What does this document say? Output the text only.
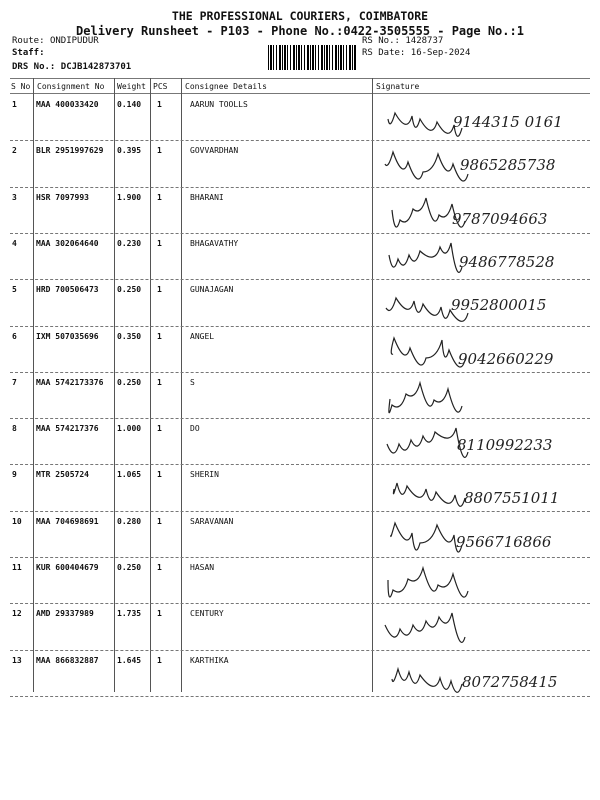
THE PROFESSIONAL COURIERS, COIMBATORE
Delivery Runsheet - P103 - Phone No.:0422-3505555 - Page No.:1
Route: ONDIPUDUR
Staff:
DRS No.: DCJB142873701
RS No.: 1428737
RS Date: 16-Sep-2024
S No Consignment No Weight PCS Consignee Details	Signature
1 MAA 400033420 0.140 1	AARUN TOOLLS
9144315 0161
2 BLR 2951997629 0.395 1	GOVVARDHAN
9865285738
3 HSR 7097993	1.900 1	BHARANI
9787094663
4 MAA 302064640 0.230 1	BHAGAVATHY
9486778528
5 HRD 700506473 0.250 1	GUNAJAGAN
9952800015
6 IXM 507035696 0.350 1	ANGEL
9042660229
7 MAA 5742173376 0.250 1	S
8 MAA 574217376 1.000 1	DO
8110992233
9 MTR 2505724	1.065 1	SHERIN
8807551011
10 MAA 704698691 0.280 1	SARAVANAN
9566716866
11 KUR 600404679 0.250 1	HASAN
12 AMD 29337989	1.735 1	CENTURY
13 MAA 866832887 1.645 1	KARTHIKA
8072758415
